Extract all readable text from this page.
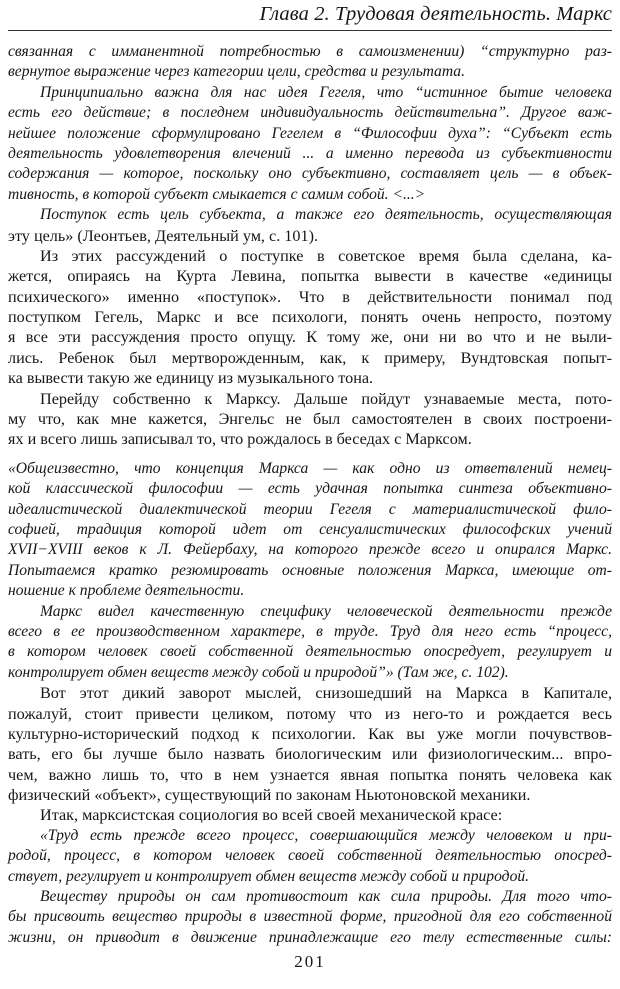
Глава 2. Трудовая деятельность. Маркс
связанная с имманентной потребностью в самоизменении) “структурно раз-
вернутое выражение через категории цели, средства и результата.
Принципиально важна для нас идея Гегеля, что “истинное бытие человека
есть его действие; в последнем индивидуальность действительна”. Другое важ-
нейшее положение сформулировано Гегелем в “Философии духа”: “Субъект есть
деятельность удовлетворения влечений ... а именно перевода из субъективности
содержания — которое, поскольку оно субъективно, составляет цель — в объек-
тивность, в которой субъект смыкается с самим собой. <...>
Поступок есть цель субъекта, а также его деятельность, осуществляющая
эту цель» (Леонтьев, Деятельный ум, с. 101).
Из этих рассуждений о поступке в советское время была сделана, ка-
жется, опираясь на Курта Левина, попытка вывести в качестве «единицы
психического» именно «поступок». Что в действительности понимал под
поступком Гегель, Маркс и все психологи, понять очень непросто, поэтому
я все эти рассуждения просто опущу. К тому же, они ни во что и не выли-
лись. Ребенок был мертворожденным, как, к примеру, Вундтовская попыт-
ка вывести такую же единицу из музыкального тона.
Перейду собственно к Марксу. Дальше пойдут узнаваемые места, пото-
му что, как мне кажется, Энгельс не был самостоятелен в своих построени-
ях и всего лишь записывал то, что рождалось в беседах с Марксом.
«Общеизвестно, что концепция Маркса — как одно из ответвлений немец-
кой классической философии — есть удачная попытка синтеза объективно-
идеалистической диалектической теории Гегеля с материалистической фило-
софией, традиция которой идет от сенсуалистических философских учений
XVII−XVIII веков к Л. Фейербаху, на которого прежде всего и опирался Маркс.
Попытаемся кратко резюмировать основные положения Маркса, имеющие от-
ношение к проблеме деятельности.
Маркс видел качественную специфику человеческой деятельности прежде
всего в ее производственном характере, в труде. Труд для него есть “процесс,
в котором человек своей собственной деятельностью опосредует, регулирует и
контролирует обмен веществ между собой и природой”» (Там же, с. 102).
Вот этот дикий заворот мыслей, снизошедший на Маркса в Капитале,
пожалуй, стоит привести целиком, потому что из него-то и рождается весь
культурно-исторический подход к психологии. Как вы уже могли почувствов-
вать, его бы лучше было назвать биологическим или физиологическим... впро-
чем, важно лишь то, что в нем узнается явная попытка понять человека как
физический «объект», существующий по законам Ньютоновской механики.
Итак, марксистская социология во всей своей механической красе:
«Труд есть прежде всего процесс, совершающийся между человеком и при-
родой, процесс, в котором человек своей собственной деятельностью опосред-
ствует, регулирует и контролирует обмен веществ между собой и природой.
Веществу природы он сам противостоит как сила природы. Для того что-
бы присвоить вещество природы в известной форме, пригодной для его собственной
жизни, он приводит в движение принадлежащие его телу естественные силы:
201
